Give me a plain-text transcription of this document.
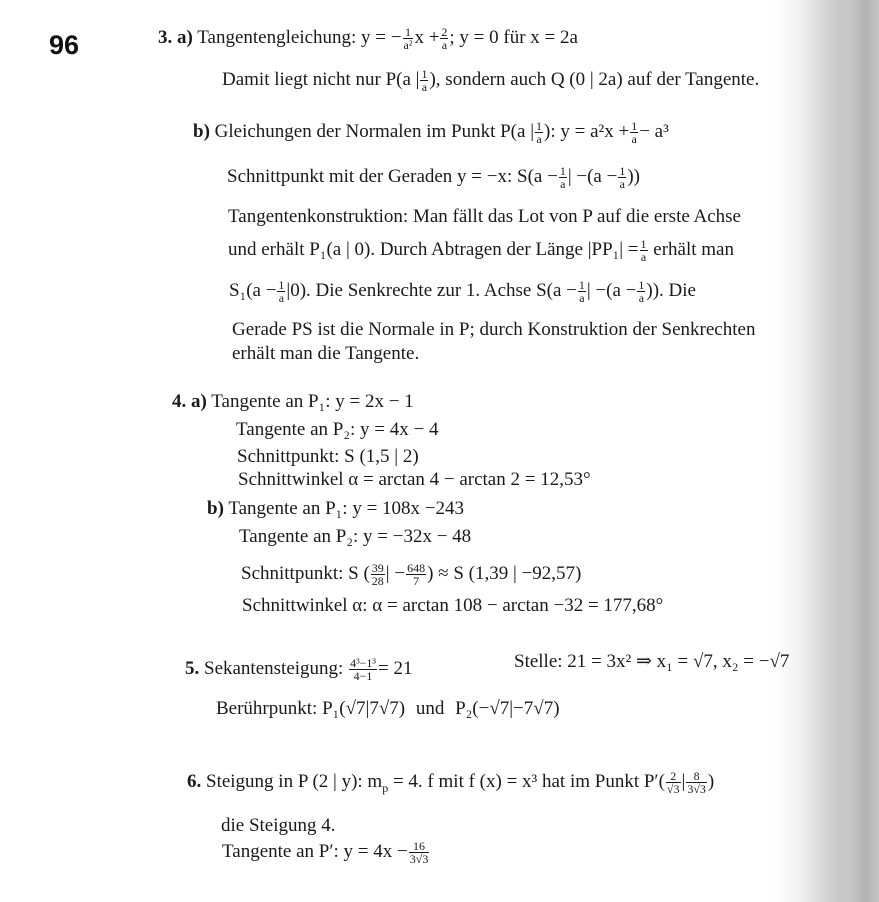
96	3. a) Tangentengleichung: y = − $\frac{1}{\text{a²}}$ $x + \frac{2}{a}$ ; y = 0 für x = 2a
Damit liegt nicht nur P(a | $\frac{1}{a}$ ), sondern auch Q (0 | 2a) auf der Tangente.
b) Gleichungen der Normalen im Punkt P(a | $\frac{1}{a}$ ): $y = a^2x + \frac{1}{a} - a^3$
Schnittpunkt mit der Geraden y = −x: $S(a - \frac{1}{a}$ | $-(a - \frac{1}{a}$ ))
Tangentenkonstruktion: Man fällt das Lot von P auf die erste Achse
und erhält P₁(a | 0). Durch Abtragen der Länge $|PP_1| = \frac{1}{a}$ erhält man
$S_1(a - \frac{1}{a} |0)$. Die Senkrechte zur 1. Achse $S(a - \frac{1}{a}$ | $-(a - \frac{1}{a}$ )). Die
Gerade PS ist die Normale in P; durch Konstruktion der Senkrechten
erhält man die Tangente.
4. a) Tangente an P₁: y = 2x − 1
Tangente an P₂: y = 4x − 4
Schnittpunkt: S (1,5 | 2)
Schnittwinkel α = arctan 4 − arctan 2 = 12,53°
b) Tangente an P₁: y = 108x −243
Tangente an P₂: y = −32x − 48
Schnittpunkt: S ( $\frac{39}{28}$ | − $\frac{648}{7}$ ) ≈ S (1,39 | −92,57)
Schnittwinkel α: α = arctan 108 − arctan −32 = 177,68°
5. Sekantensteigung: $\frac{\text{4³−1³}}{4-1} = 21$	Stelle: 21 = 3x² ⇒ x₁ = √7, x₂ = −√7
Berührpunkt: P₁(√7|7√7) und P₂(−√7|−7√7)
6. Steigung in P (2 | y): $m_p = 4$. f mit f (x) = x³ hat im Punkt $P'( \frac{2}{√3}$ | $\frac{8}{3√3}$ )
die Steigung 4.
Tangente an P′: $y = 4x - \frac{16}{3√3}$
